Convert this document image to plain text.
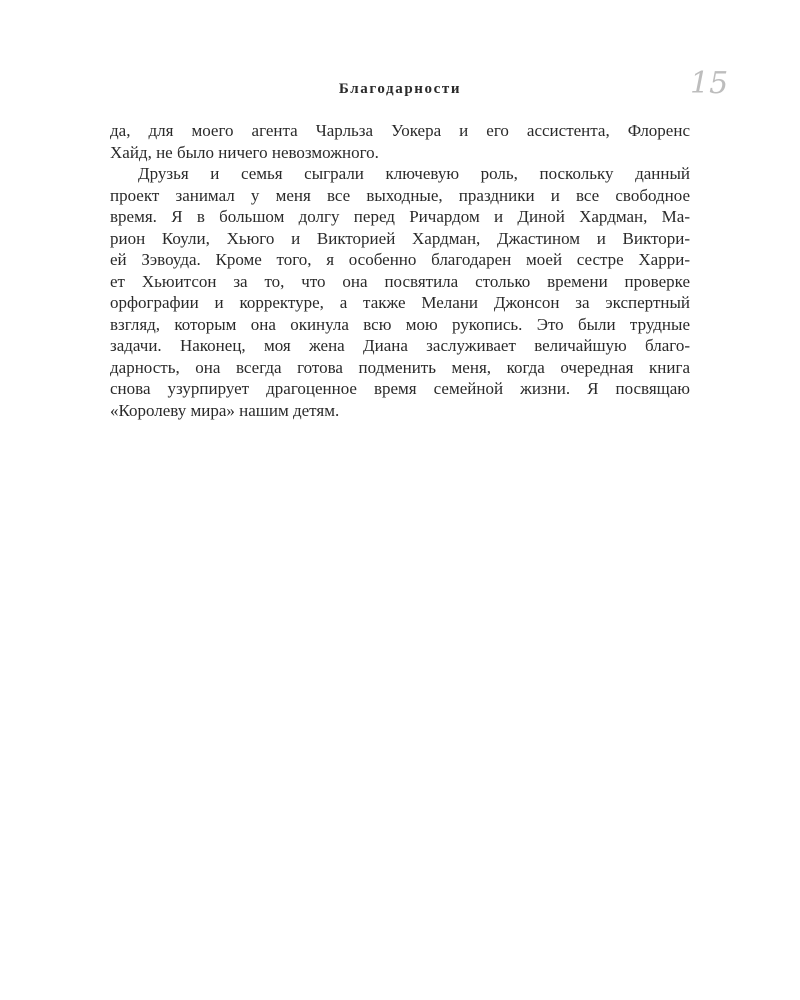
Благодарности	15
да, для моего агента Чарльза Уокера и его ассистента, Флоренс
Хайд, не было ничего невозможного.
Друзья и семья сыграли ключевую роль, поскольку данный
проект занимал у меня все выходные, праздники и все свободное
время. Я в большом долгу перед Ричардом и Диной Хардман, Ма-
рион Коули, Хьюго и Викторией Хардман, Джастином и Виктори-
ей Зэвоуда. Кроме того, я особенно благодарен моей сестре Харри-
ет Хьюитсон за то, что она посвятила столько времени проверке
орфографии и корректуре, а также Мелани Джонсон за экспертный
взгляд, которым она окинула всю мою рукопись. Это были трудные
задачи. Наконец, моя жена Диана заслуживает величайшую благо-
дарность, она всегда готова подменить меня, когда очередная книга
снова узурпирует драгоценное время семейной жизни. Я посвящаю
«Королеву мира» нашим детям.
